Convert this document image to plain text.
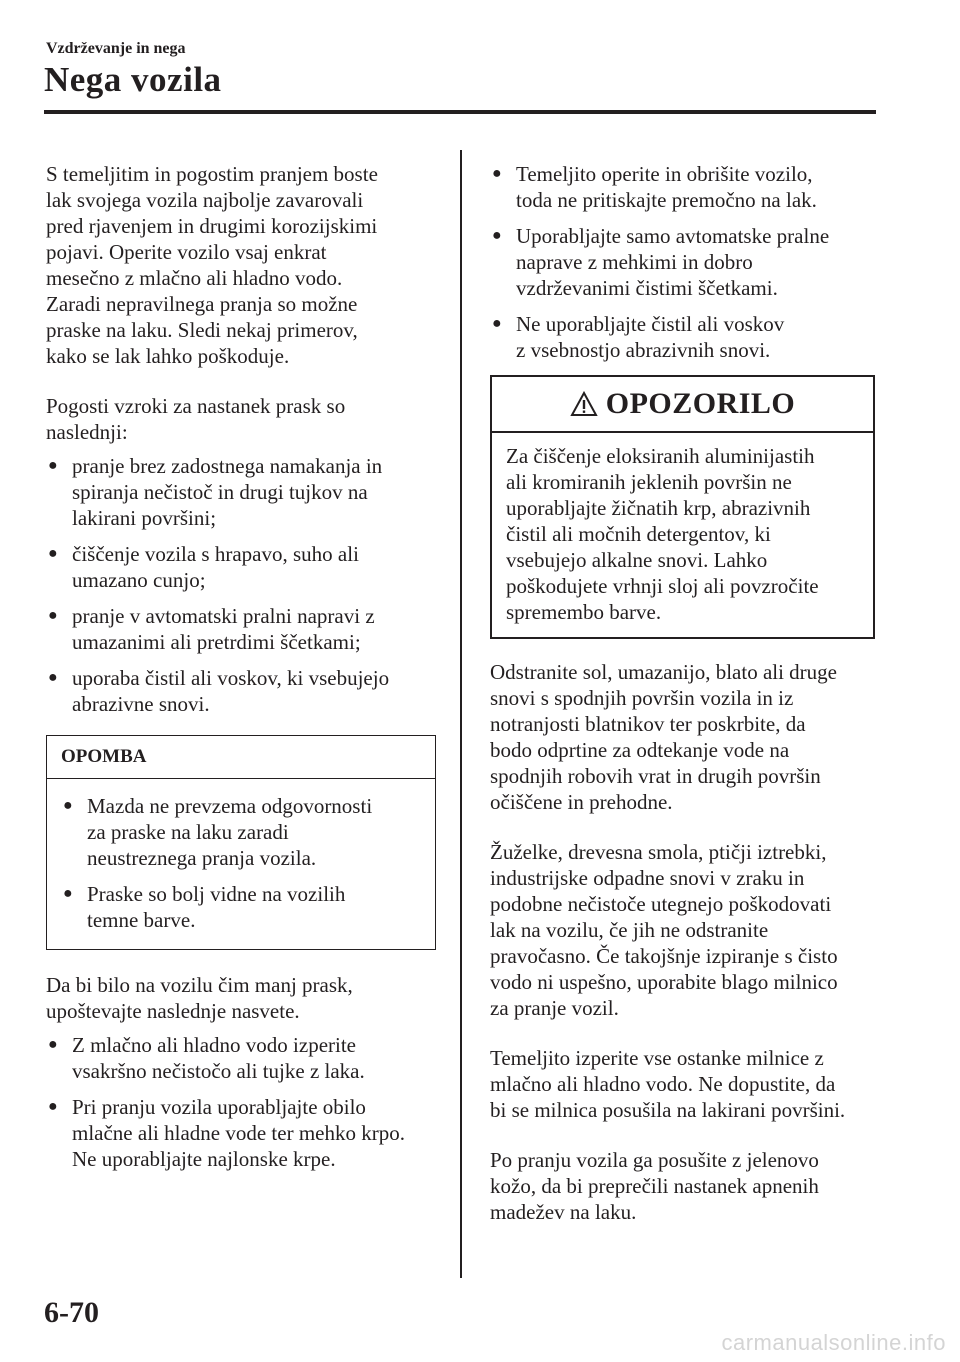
Vzdrževanje in nega
Nega vozila

S temeljitim in pogostim pranjem boste
lak svojega vozila najbolje zavarovali
pred rjavenjem in drugimi korozijskimi
pojavi. Operite vozilo vsaj enkrat
mesečno z mlačno ali hladno vodo.
Zaradi nepravilnega pranja so možne
praske na laku. Sledi nekaj primerov,
kako se lak lahko poškoduje.

Pogosti vzroki za nastanek prask so
naslednji:

● pranje brez zadostnega namakanja in
spiranja nečistoč in drugi tujkov na
lakirani površini;
● čiščenje vozila s hrapavo, suho ali
umazano cunjo;
● pranje v avtomatski pralni napravi z
umazanimi ali pretrdimi ščetkami;
● uporaba čistil ali voskov, ki vsebujejo
abrazivne snovi.
OPOMBA
● Mazda ne prevzema odgovornosti
za praske na laku zaradi
neustreznega pranja vozila.
● Praske so bolj vidne na vozilih
temne barve.

Da bi bilo na vozilu čim manj prask,
upoštevajte naslednje nasvete.

● Z mlačno ali hladno vodo izperite
vsakršno nečistočo ali tujke z laka.
● Pri pranju vozila uporabljajte obilo
mlačne ali hladne vode ter mehko krpo.
Ne uporabljajte najlonske krpe.
● Temeljito operite in obrišite vozilo,
toda ne pritiskajte premočno na lak.
● Uporabljajte samo avtomatske pralne
naprave z mehkimi in dobro
vzdrževanimi čistimi ščetkami.
● Ne uporabljajte čistil ali voskov
z vsebnostjo abrazivnih snovi.
OPOZORILO
Za čiščenje eloksiranih aluminijastih
ali kromiranih jeklenih površin ne
uporabljajte žičnatih krp, abrazivnih
čistil ali močnih detergentov, ki
vsebujejo alkalne snovi. Lahko
poškodujete vrhnji sloj ali povzročite
spremembo barve.

Odstranite sol, umazanijo, blato ali druge
snovi s spodnjih površin vozila in iz
notranjosti blatnikov ter poskrbite, da
bodo odprtine za odtekanje vode na
spodnjih robovih vrat in drugih površin
očiščene in prehodne.

Žuželke, drevesna smola, ptičji iztrebki,
industrijske odpadne snovi v zraku in
podobne nečistoče utegnejo poškodovati
lak na vozilu, če jih ne odstranite
pravočasno. Če takojšnje izpiranje s čisto
vodo ni uspešno, uporabite blago milnico
za pranje vozil.

Temeljito izperite vse ostanke milnice z
mlačno ali hladno vodo. Ne dopustite, da
bi se milnica posušila na lakirani površini.

Po pranju vozila ga posušite z jelenovo
kožo, da bi preprečili nastanek apnenih
madežev na laku.

6-70
carmanualsonline.info
